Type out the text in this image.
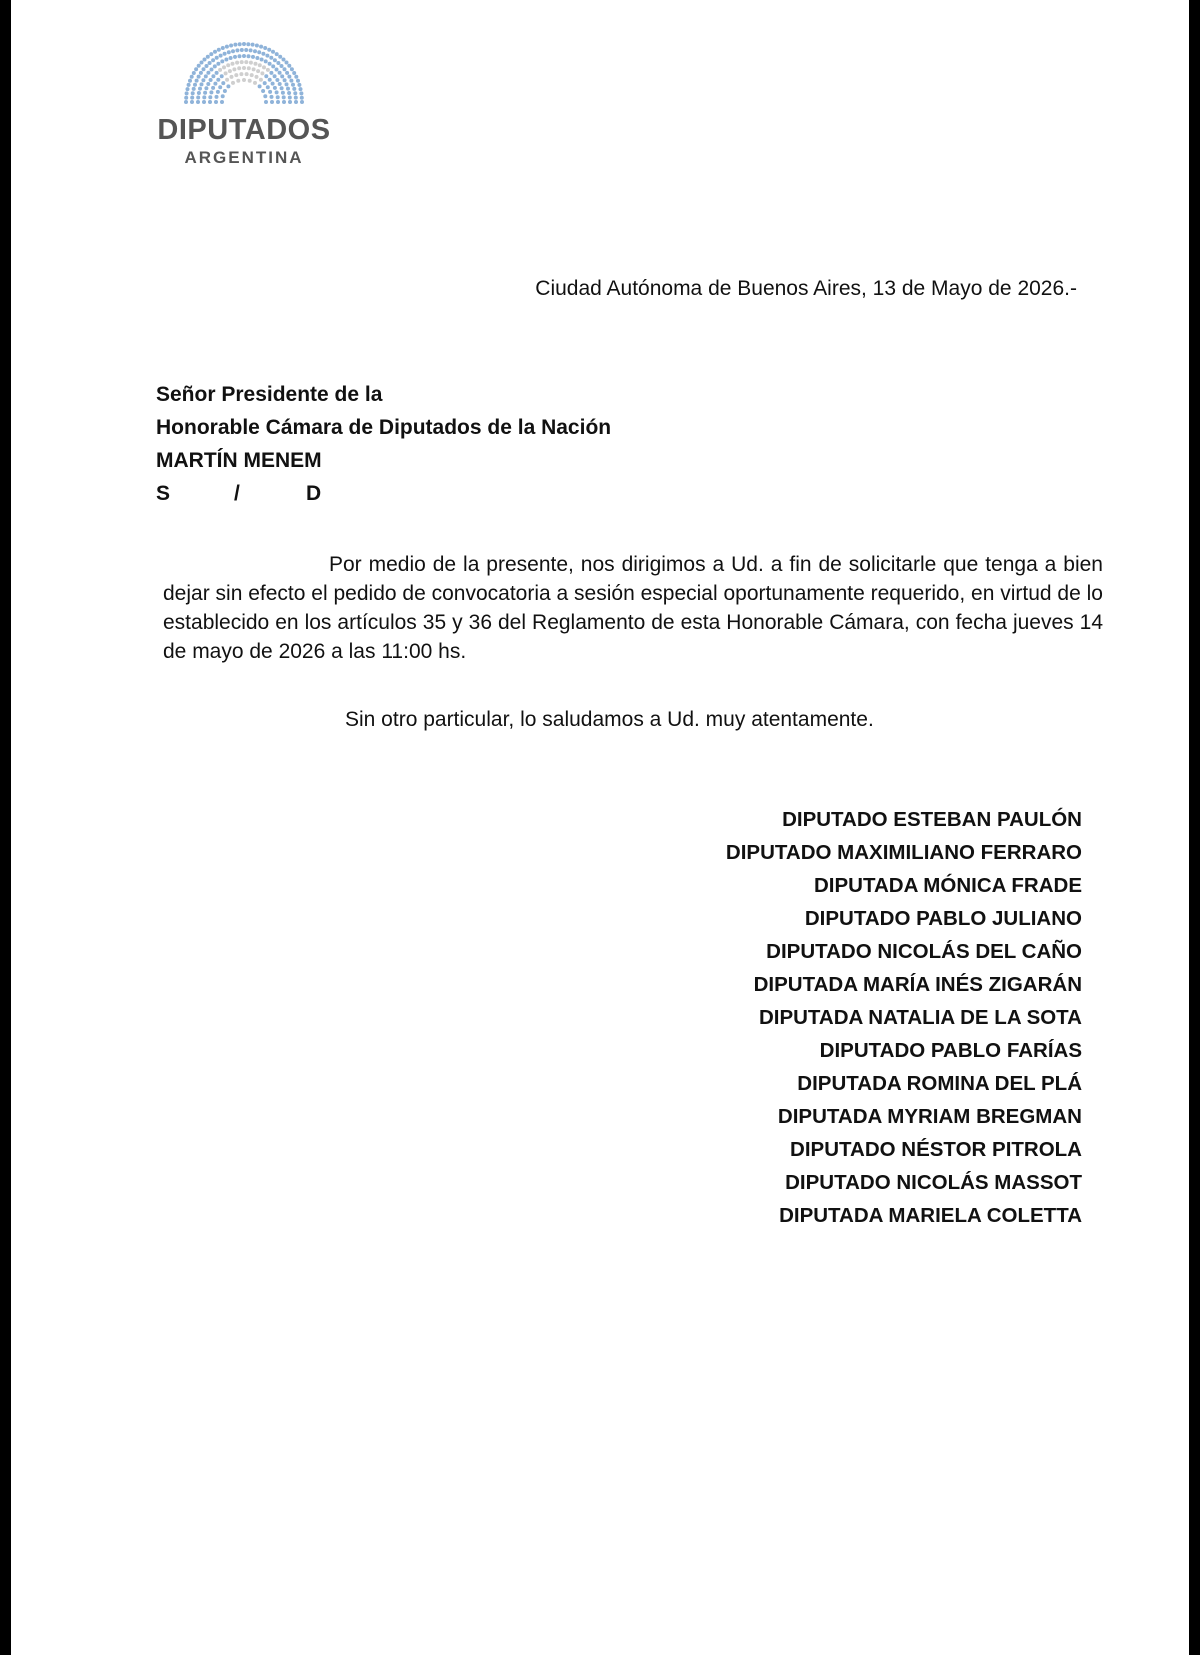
DIPUTADOS
ARGENTINA
Ciudad Autónoma de Buenos Aires, 13 de Mayo de 2026.-
Señor Presidente de la
Honorable Cámara de Diputados de la Nación
MARTÍN MENEM
S	/	D
Por medio de la presente, nos dirigimos a Ud. a fin de solicitarle que tenga a bien dejar sin efecto el pedido de convocatoria a sesión especial oportunamente requerido, en virtud de lo establecido en los artículos 35 y 36 del Reglamento de esta Honorable Cámara, con fecha jueves 14 de mayo de 2026 a las 11:00 hs.
Sin otro particular, lo saludamos a Ud. muy atentamente.
DIPUTADO ESTEBAN PAULÓN
DIPUTADO MAXIMILIANO FERRARO
DIPUTADA MÓNICA FRADE
DIPUTADO PABLO JULIANO
DIPUTADO NICOLÁS DEL CAÑO
DIPUTADA MARÍA INÉS ZIGARÁN
DIPUTADA NATALIA DE LA SOTA
DIPUTADO PABLO FARÍAS
DIPUTADA ROMINA DEL PLÁ
DIPUTADA MYRIAM BREGMAN
DIPUTADO NÉSTOR PITROLA
DIPUTADO NICOLÁS MASSOT
DIPUTADA MARIELA COLETTA
